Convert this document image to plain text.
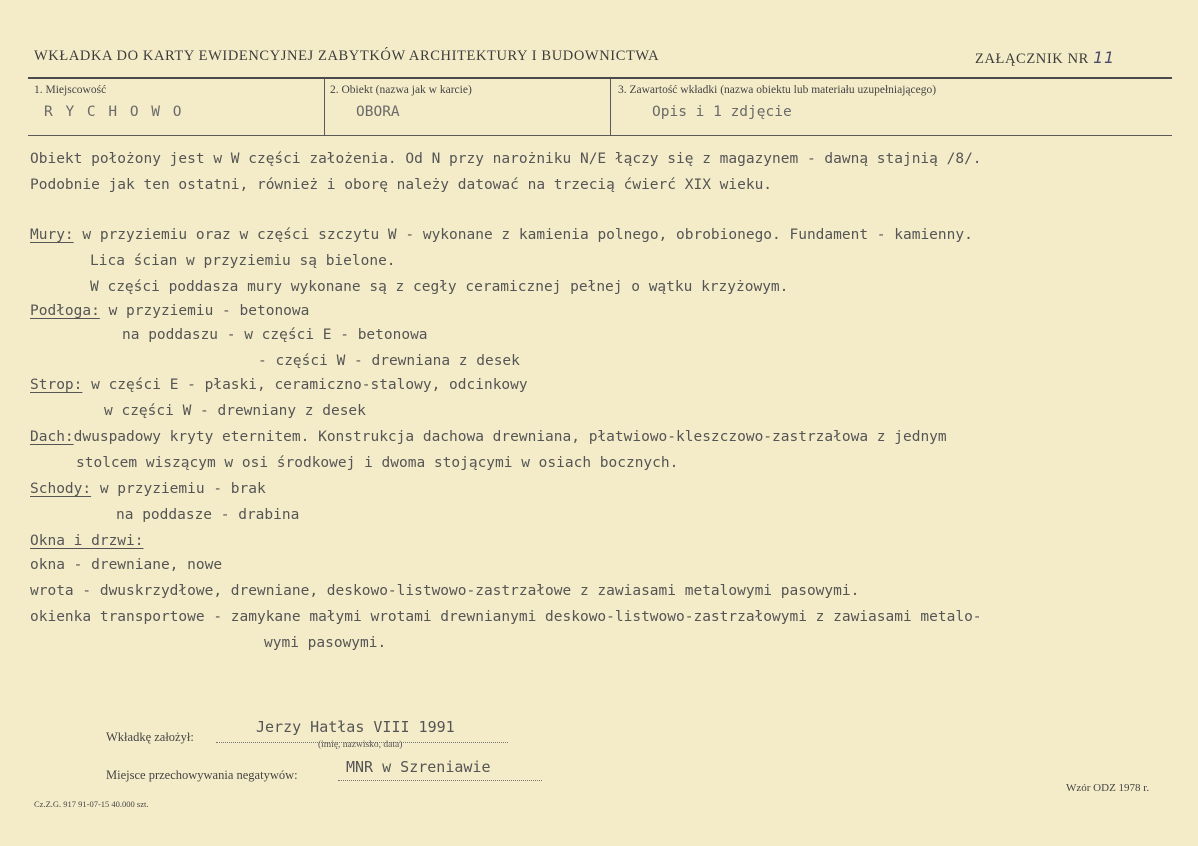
WKŁADKA DO KARTY EWIDENCYJNEJ ZABYTKÓW ARCHITEKTURY I BUDOWNICTWA	ZAŁĄCZNIK NR 11
1. Miejscowość
R Y C H O W O
2. Obiekt (nazwa jak w karcie)
OBORA
3. Zawartość wkładki (nazwa obiektu lub materiału uzupełniającego)
Opis i 1 zdjęcie
Obiekt położony jest w W części założenia. Od N przy narożniku N/E łączy się z magazynem - dawną stajnią /8/.
Podobnie jak ten ostatni, również i oborę należy datować na trzecią ćwierć XIX wieku.
Mury: w przyziemiu oraz w części szczytu W - wykonane z kamienia polnego, obrobionego. Fundament - kamienny.
Lica ścian w przyziemiu są bielone.
W części poddasza mury wykonane są z cegły ceramicznej pełnej o wątku krzyżowym.
Podłoga: w przyziemiu - betonowa
na poddaszu - w części E - betonowa
- części W - drewniana z desek
Strop: w części E - płaski, ceramiczno-stalowy, odcinkowy
w części W - drewniany z desek
Dach:dwuspadowy kryty eternitem. Konstrukcja dachowa drewniana, płatwiowo-kleszczowo-zastrzałowa z jednym
stolcem wiszącym w osi środkowej i dwoma stojącymi w osiach bocznych.
Schody: w przyziemiu - brak
na poddasze - drabina
Okna i drzwi:
okna - drewniane, nowe
wrota - dwuskrzydłowe, drewniane, deskowo-listwowo-zastrzałowe z zawiasami metalowymi pasowymi.
okienka transportowe - zamykane małymi wrotami drewnianymi deskowo-listwowo-zastrzałowymi z zawiasami metalo-
wymi pasowymi.
Wkładkę założył:
Jerzy Hatłas VIII 1991
(imię, nazwisko, data)
Miejsce przechowywania negatywów:	MNR w Szreniawie
Wzór ODZ 1978 r.
Cz.Z.G. 917 91-07-15 40.000 szt.
